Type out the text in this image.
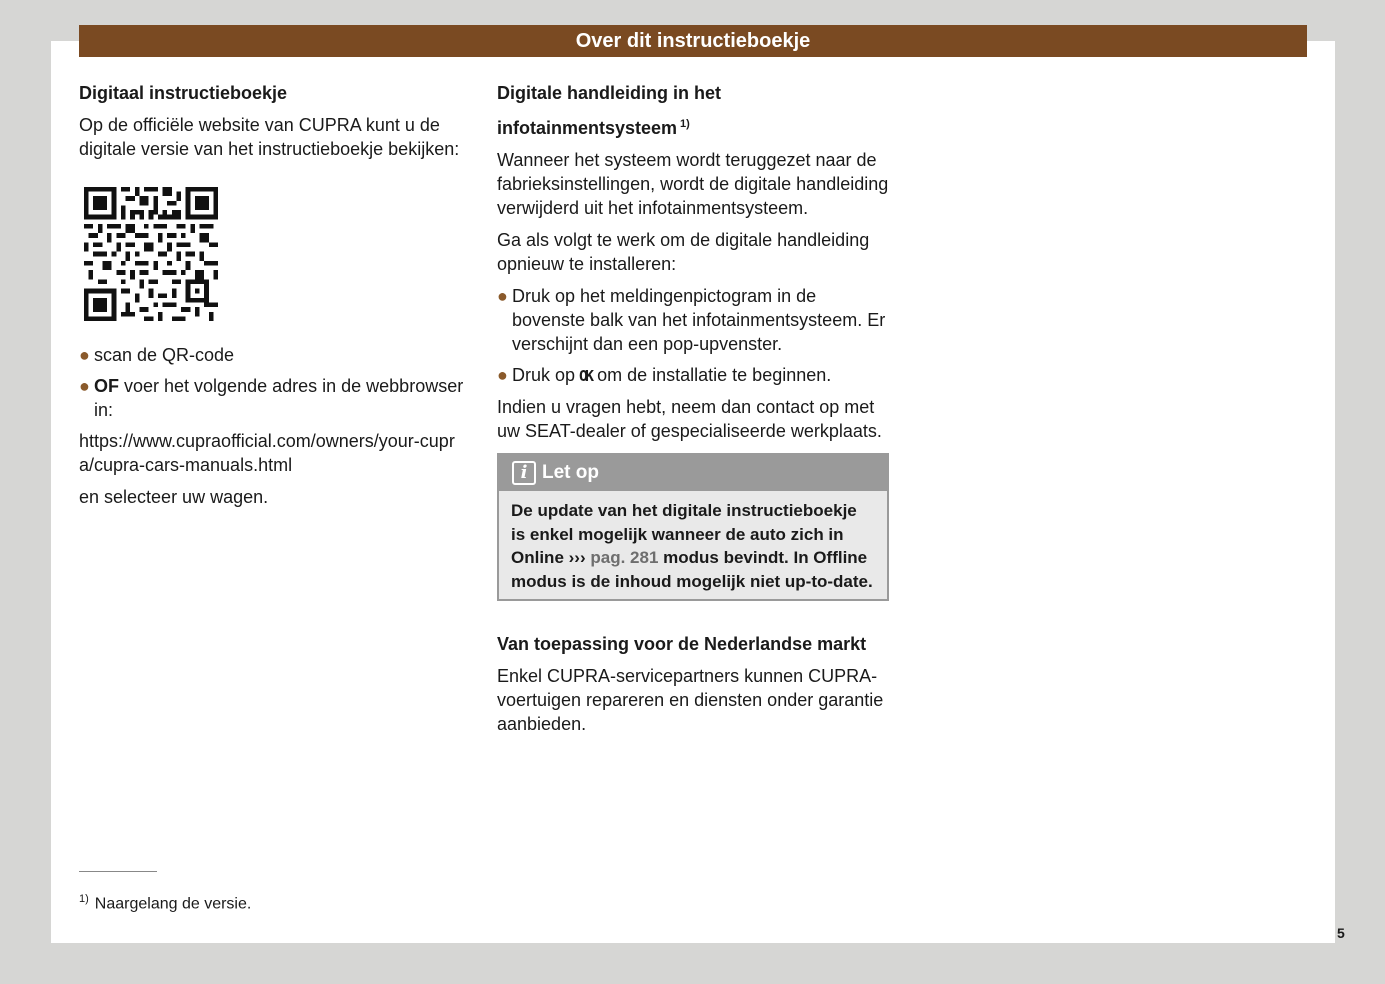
Over dit instructieboekje
Digitaal instructieboekje

Op de officiële website van CUPRA kunt u de digitale versie van het instructieboekje bekijken:

● scan de QR-code
● OF voer het volgende adres in de webbrowser in:

https://www.cupraofficial.com/owners/your-cupra/cupra-cars-manuals.html

en selecteer uw wagen.

Digitale handleiding in het infotainmentsysteem $^{1)}$

Wanneer het systeem wordt teruggezet naar de fabrieksinstellingen, wordt de digitale handleiding verwijderd uit het infotainmentsysteem.

Ga als volgt te werk om de digitale handleiding opnieuw te installeren:

● Druk op het meldingenpictogram in de bovenste balk van het infotainmentsysteem. Er verschijnt dan een pop-upvenster.
● Druk op OK om de installatie te beginnen.

Indien u vragen hebt, neem dan contact op met uw SEAT-dealer of gespecialiseerde werkplaats.

i Let op
De update van het digitale instructieboekje is enkel mogelijk wanneer de auto zich in Online ››› pag. 281 modus bevindt. In Offline modus is de inhoud mogelijk niet up-to-date.
Van toepassing voor de Nederlandse markt

Enkel CUPRA-servicepartners kunnen CUPRA-voertuigen repareren en diensten onder garantie aanbieden.

$^{1)}$ Naargelang de versie.
5
